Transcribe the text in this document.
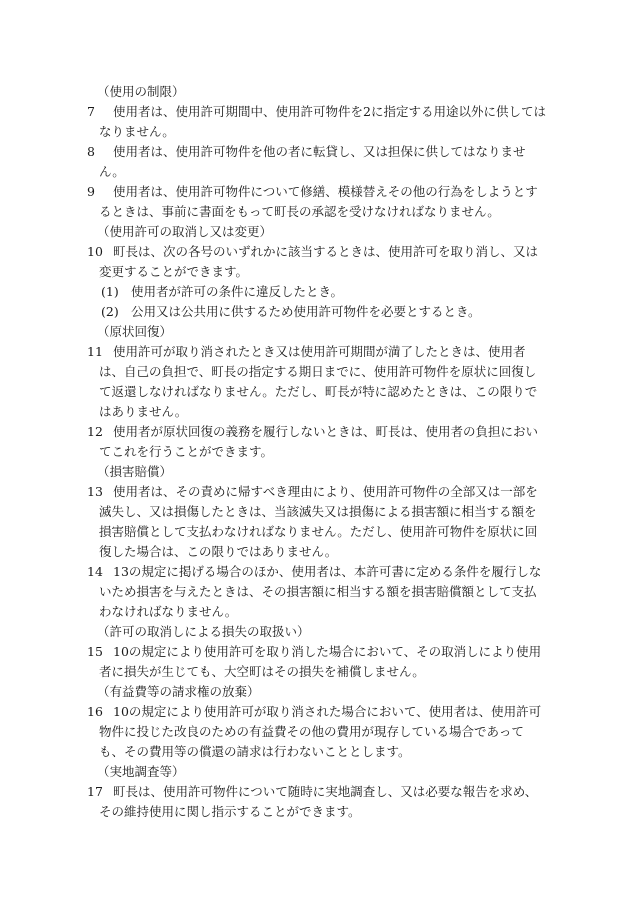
（使用の制限）

7	使用者は、使用許可期間中、使用許可物件を2に指定する用途以外に供してはなりません。

8	使用者は、使用許可物件を他の者に転貸し、又は担保に供してはなりません。

9	使用者は、使用許可物件について修繕、模様替えその他の行為をしようとするときは、事前に書面をもって町長の承認を受けなければなりません。

（使用許可の取消し又は変更）

10 町長は、次の各号のいずれかに該当するときは、使用許可を取り消し、又は変更することができます。

(1) 使用者が許可の条件に違反したとき。
(2) 公用又は公共用に供するため使用許可物件を必要とするとき。
（原状回復）

11 使用許可が取り消されたとき又は使用許可期間が満了したときは、使用者は、自己の負担で、町長の指定する期日までに、使用許可物件を原状に回復して返還しなければなりません。ただし、町長が特に認めたときは、この限りではありません。

12 使用者が原状回復の義務を履行しないときは、町長は、使用者の負担においてこれを行うことができます。

（損害賠償）

13 使用者は、その責めに帰すべき理由により、使用許可物件の全部又は一部を滅失し、又は損傷したときは、当該滅失又は損傷による損害額に相当する額を損害賠償として支払わなければなりません。ただし、使用許可物件を原状に回復した場合は、この限りではありません。

14 13の規定に掲げる場合のほか、使用者は、本許可書に定める条件を履行しないため損害を与えたときは、その損害額に相当する額を損害賠償額として支払わなければなりません。

（許可の取消しによる損失の取扱い）

15 10の規定により使用許可を取り消した場合において、その取消しにより使用者に損失が生じても、大空町はその損失を補償しません。

（有益費等の請求権の放棄）

16 10の規定により使用許可が取り消された場合において、使用者は、使用許可物件に投じた改良のための有益費その他の費用が現存している場合であっても、その費用等の償還の請求は行わないこととします。

（実地調査等）

17 町長は、使用許可物件について随時に実地調査し、又は必要な報告を求め、その維持使用に関し指示することができます。
